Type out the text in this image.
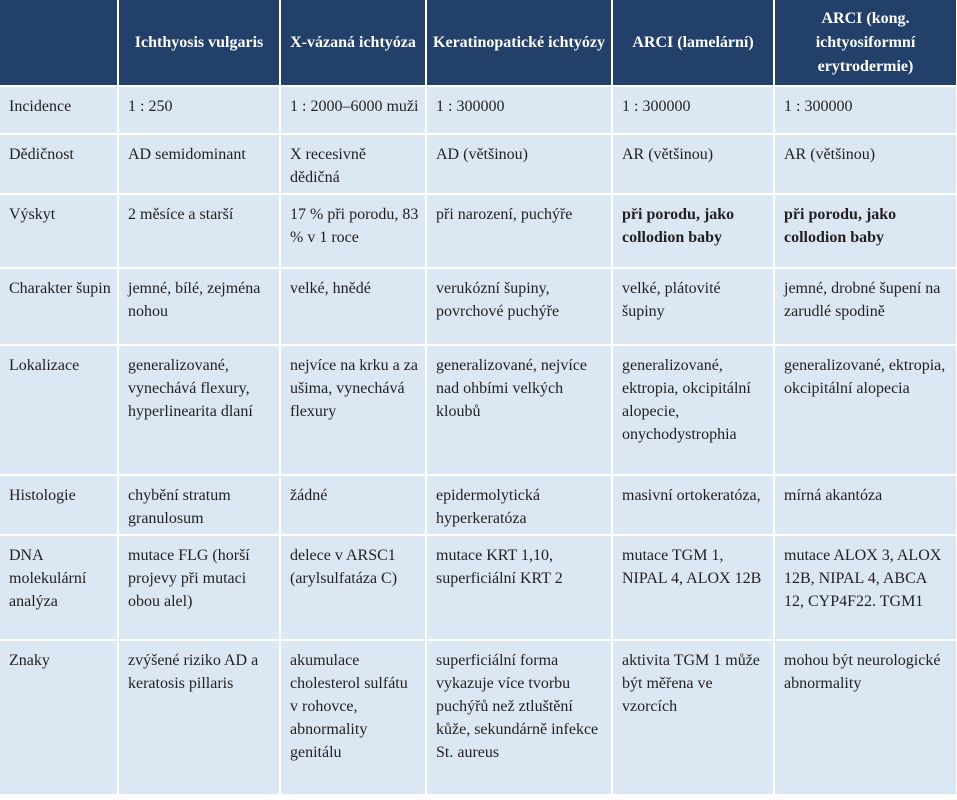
	Ichthyosis vulgaris	X-vázaná ichtyóza	Keratinopatické ichtyózy	ARCI (lamelární)	ARCI (kong. ichtyosiformní erytrodermie)
Incidence	1 : 250	1 : 2000–6000 muži	1 : 300000	1 : 300000	1 : 300000
Dědičnost	AD semidominant	X recesivně dědičná	AD (většinou)	AR (většinou)	AR (většinou)
Výskyt	2 měsíce a starší	17 % při porodu, 83 % v 1 roce	při narození, puchýře	při porodu, jako collodion baby	při porodu, jako collodion baby
Charakter šupin	jemné, bílé, zejména nohou	velké, hnědé	verukózní šupiny, povrchové puchýře	velké, plátovité šupiny	jemné, drobné šupení na zarudlé spodině
Lokalizace	generalizované, vynechává flexury, hyperlinearita dlaní	nejvíce na krku a za ušima, vynechává flexury	generalizované, nejvíce nad ohbími velkých kloubů	generalizované, ektropia, okcipitální alopecie, onychodystrophia	generalizované, ektropia, okcipitální alopecia
Histologie	chybění stratum granulosum	žádné	epidermolytická hyperkeratóza	masivní ortokeratóza,	mírná akantóza
DNA molekulární analýza	mutace FLG (horší projevy při mutaci obou alel)	delece v ARSC1 (arylsulfatáza C)	mutace KRT 1,10, superficiální KRT 2	mutace TGM 1, NIPAL 4, ALOX 12B	mutace ALOX 3, ALOX 12B, NIPAL 4, ABCA 12, CYP4F22. TGM1
Znaky	zvýšené riziko AD a keratosis pillaris	akumulace cholesterol sulfátu v rohovce, abnormality genitálu	superficiální forma vykazuje více tvorbu puchýřů než ztluštění kůže, sekundárně infekce St. aureus	aktivita TGM 1 může být měřena ve vzorcích	mohou být neurologické abnormality
